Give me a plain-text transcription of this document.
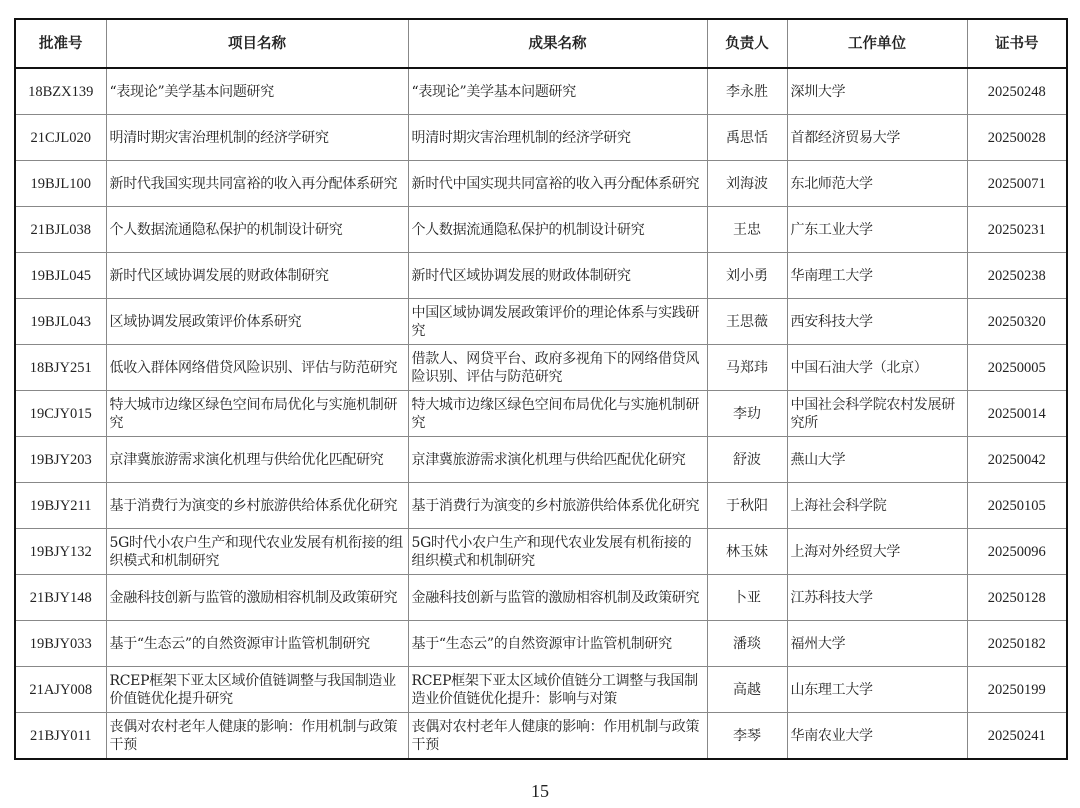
批准号	项目名称	成果名称	负责人	工作单位	证书号
18BZX139	“表现论”美学基本问题研究	“表现论”美学基本问题研究	李永胜	深圳大学	20250248
21CJL020	明清时期灾害治理机制的经济学研究	明清时期灾害治理机制的经济学研究	禹思恬	首都经济贸易大学	20250028
19BJL100	新时代我国实现共同富裕的收入再分配体系研究	新时代中国实现共同富裕的收入再分配体系研究	刘海波	东北师范大学	20250071
21BJL038	个人数据流通隐私保护的机制设计研究	个人数据流通隐私保护的机制设计研究	王忠	广东工业大学	20250231
19BJL045	新时代区域协调发展的财政体制研究	新时代区域协调发展的财政体制研究	刘小勇	华南理工大学	20250238
19BJL043	区域协调发展政策评价体系研究	中国区域协调发展政策评价的理论体系与实践研究	王思薇	西安科技大学	20250320
18BJY251	低收入群体网络借贷风险识别、评估与防范研究	借款人、网贷平台、政府多视角下的网络借贷风险识别、评估与防范研究	马郑玮	中国石油大学（北京）	20250005
19CJY015	特大城市边缘区绿色空间布局优化与实施机制研究	特大城市边缘区绿色空间布局优化与实施机制研究	李玏	中国社会科学院农村发展研究所	20250014
19BJY203	京津冀旅游需求演化机理与供给优化匹配研究	京津冀旅游需求演化机理与供给匹配优化研究	舒波	燕山大学	20250042
19BJY211	基于消费行为演变的乡村旅游供给体系优化研究	基于消费行为演变的乡村旅游供给体系优化研究	于秋阳	上海社会科学院	20250105
19BJY132	5G时代小农户生产和现代农业发展有机衔接的组织模式和机制研究	5G时代小农户生产和现代农业发展有机衔接的组织模式和机制研究	林玉妹	上海对外经贸大学	20250096
21BJY148	金融科技创新与监管的激励相容机制及政策研究	金融科技创新与监管的激励相容机制及政策研究	卜亚	江苏科技大学	20250128
19BJY033	基于“生态云”的自然资源审计监管机制研究	基于“生态云”的自然资源审计监管机制研究	潘琰	福州大学	20250182
21AJY008	RCEP框架下亚太区域价值链调整与我国制造业价值链优化提升研究	RCEP框架下亚太区域价值链分工调整与我国制造业价值链优化提升：影响与对策	高越	山东理工大学	20250199
21BJY011	丧偶对农村老年人健康的影响：作用机制与政策干预	丧偶对农村老年人健康的影响：作用机制与政策干预	李琴	华南农业大学	20250241
15
